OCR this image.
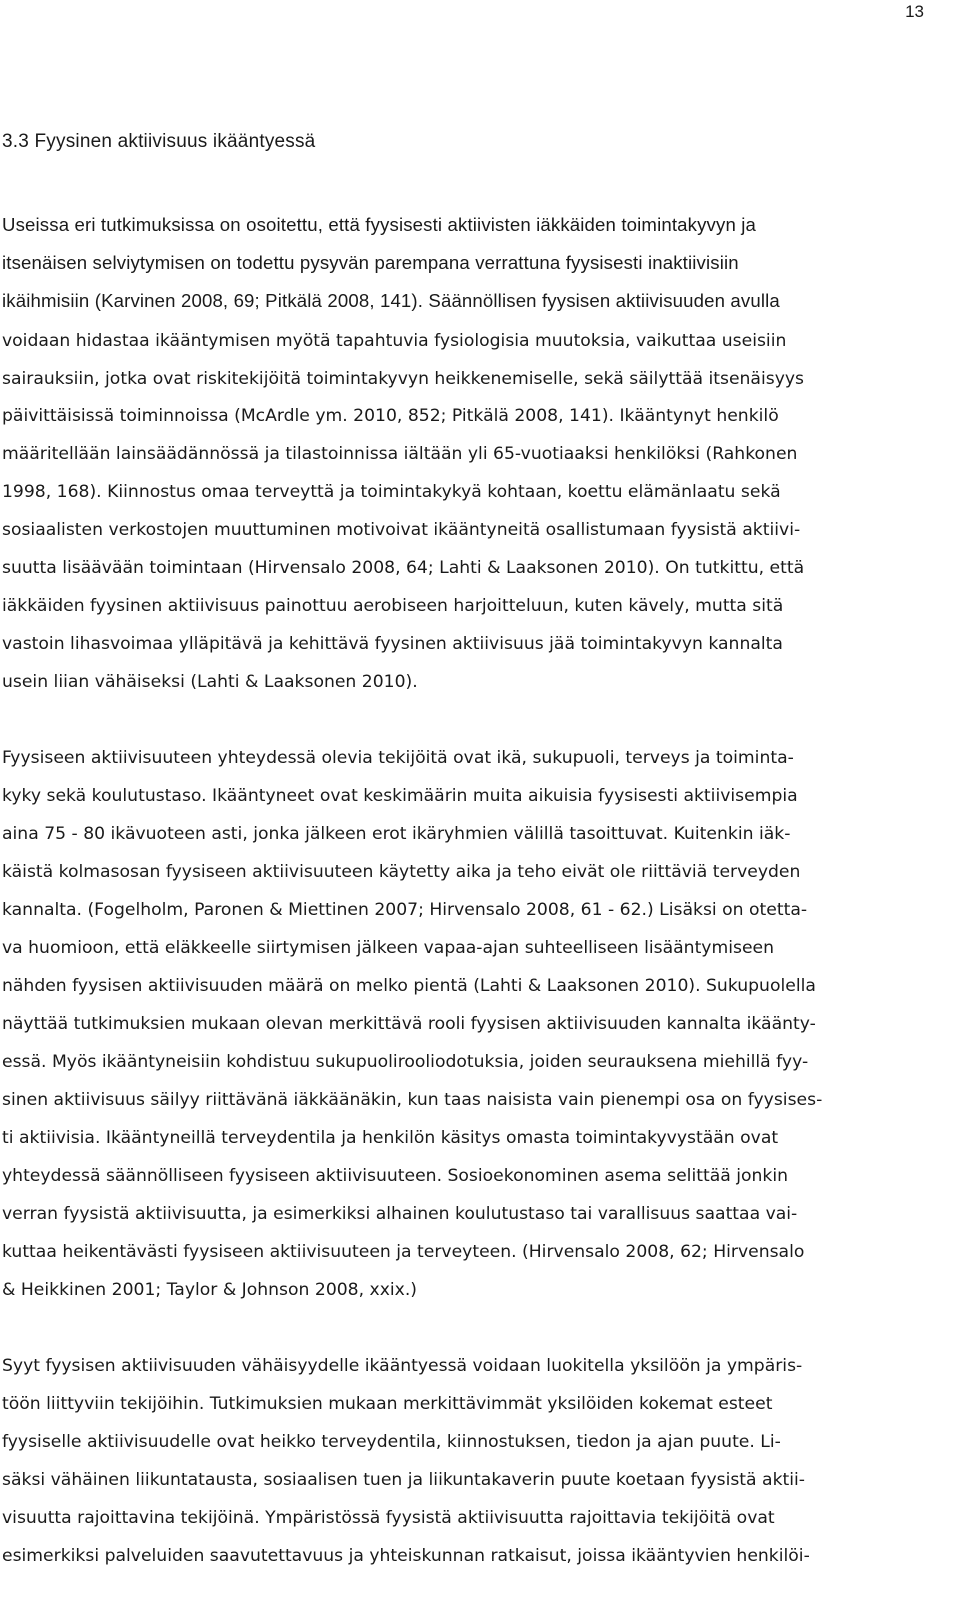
13
3.3 Fyysinen aktiivisuus ikääntyessä
Useissa eri tutkimuksissa on osoitettu, että fyysisesti aktiivisten iäkkäiden toimintakyvyn ja
itsenäisen selviytymisen on todettu pysyvän parempana verrattuna fyysisesti inaktiivisiin
ikäihmisiin (Karvinen 2008, 69; Pitkälä 2008, 141). Säännöllisen fyysisen aktiivisuuden avulla
voidaan hidastaa ikääntymisen myötä tapahtuvia fysiologisia muutoksia, vaikuttaa useisiin
sairauksiin, jotka ovat riskitekijöitä toimintakyvyn heikkenemiselle, sekä säilyttää itsenäisyys
päivittäisissä toiminnoissa (McArdle ym. 2010, 852; Pitkälä 2008, 141). Ikääntynyt henkilö
määritellään lainsäädännössä ja tilastoinnissa iältään yli 65-vuotiaaksi henkilöksi (Rahkonen
1998, 168). Kiinnostus omaa terveyttä ja toimintakykyä kohtaan, koettu elämänlaatu sekä
sosiaalisten verkostojen muuttuminen motivoivat ikääntyneitä osallistumaan fyysistä aktiivi-
suutta lisäävään toimintaan (Hirvensalo 2008, 64; Lahti & Laaksonen 2010). On tutkittu, että
iäkkäiden fyysinen aktiivisuus painottuu aerobiseen harjoitteluun, kuten kävely, mutta sitä
vastoin lihasvoimaa ylläpitävä ja kehittävä fyysinen aktiivisuus jää toimintakyvyn kannalta
usein liian vähäiseksi (Lahti & Laaksonen 2010).
Fyysiseen aktiivisuuteen yhteydessä olevia tekijöitä ovat ikä, sukupuoli, terveys ja toiminta-
kyky sekä koulutustaso. Ikääntyneet ovat keskimäärin muita aikuisia fyysisesti aktiivisempia
aina 75 - 80 ikävuoteen asti, jonka jälkeen erot ikäryhmien välillä tasoittuvat. Kuitenkin iäk-
käistä kolmasosan fyysiseen aktiivisuuteen käytetty aika ja teho eivät ole riittäviä terveyden
kannalta. (Fogelholm, Paronen & Miettinen 2007; Hirvensalo 2008, 61 - 62.) Lisäksi on otetta-
va huomioon, että eläkkeelle siirtymisen jälkeen vapaa-ajan suhteelliseen lisääntymiseen
nähden fyysisen aktiivisuuden määrä on melko pientä (Lahti & Laaksonen 2010). Sukupuolella
näyttää tutkimuksien mukaan olevan merkittävä rooli fyysisen aktiivisuuden kannalta ikäänty-
essä. Myös ikääntyneisiin kohdistuu sukupuolirooliodotuksia, joiden seurauksena miehillä fyy-
sinen aktiivisuus säilyy riittävänä iäkkäänäkin, kun taas naisista vain pienempi osa on fyysises-
ti aktiivisia. Ikääntyneillä terveydentila ja henkilön käsitys omasta toimintakyvystään ovat
yhteydessä säännölliseen fyysiseen aktiivisuuteen. Sosioekonominen asema selittää jonkin
verran fyysistä aktiivisuutta, ja esimerkiksi alhainen koulutustaso tai varallisuus saattaa vai-
kuttaa heikentävästi fyysiseen aktiivisuuteen ja terveyteen. (Hirvensalo 2008, 62; Hirvensalo
& Heikkinen 2001; Taylor & Johnson 2008, xxix.)
Syyt fyysisen aktiivisuuden vähäisyydelle ikääntyessä voidaan luokitella yksilöön ja ympäris-
töön liittyviin tekijöihin. Tutkimuksien mukaan merkittävimmät yksilöiden kokemat esteet
fyysiselle aktiivisuudelle ovat heikko terveydentila, kiinnostuksen, tiedon ja ajan puute. Li-
säksi vähäinen liikuntatausta, sosiaalisen tuen ja liikuntakaverin puute koetaan fyysistä aktii-
visuutta rajoittavina tekijöinä. Ympäristössä fyysistä aktiivisuutta rajoittavia tekijöitä ovat
esimerkiksi palveluiden saavutettavuus ja yhteiskunnan ratkaisut, joissa ikääntyvien henkilöi-
